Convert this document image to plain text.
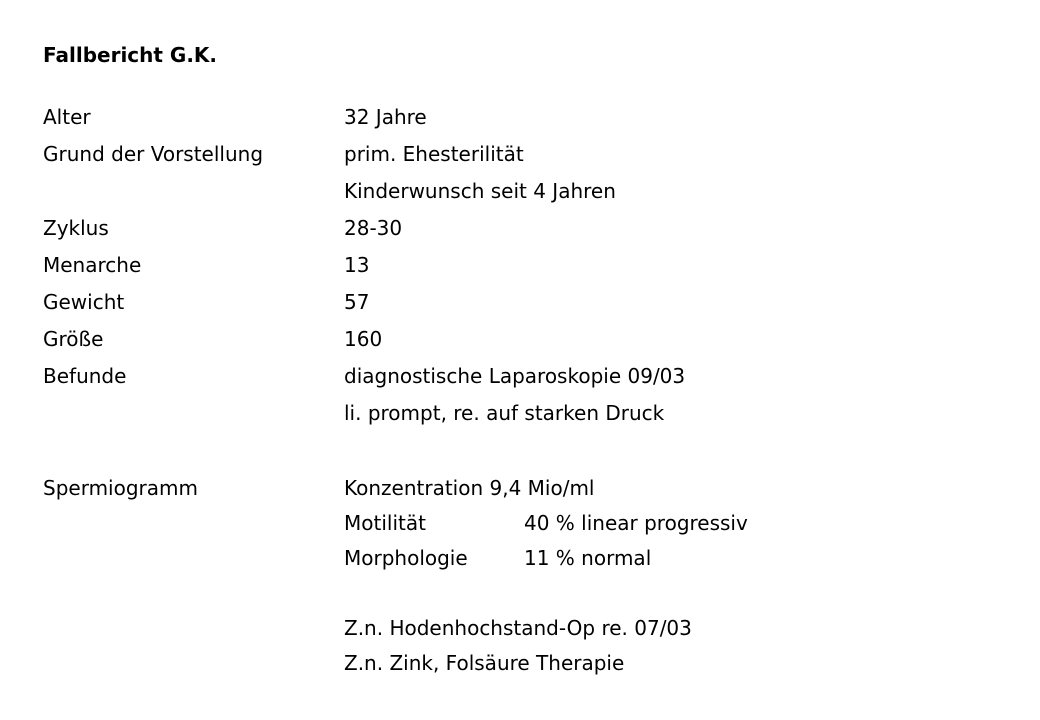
Fallbericht G.K.
Alter	32 Jahre
Grund der Vorstellung	prim. Ehesterilität
Kinderwunsch seit 4 Jahren
Zyklus	28-30
Menarche	13
Gewicht	57
Größe	160
Befunde	diagnostische Laparoskopie 09/03
li. prompt, re. auf starken Druck
Spermiogramm	Konzentration 9,4 Mio/ml
Motilität	40 % linear progressiv
Morphologie	11 % normal
Z.n. Hodenhochstand-Op re. 07/03
Z.n. Zink, Folsäure Therapie
